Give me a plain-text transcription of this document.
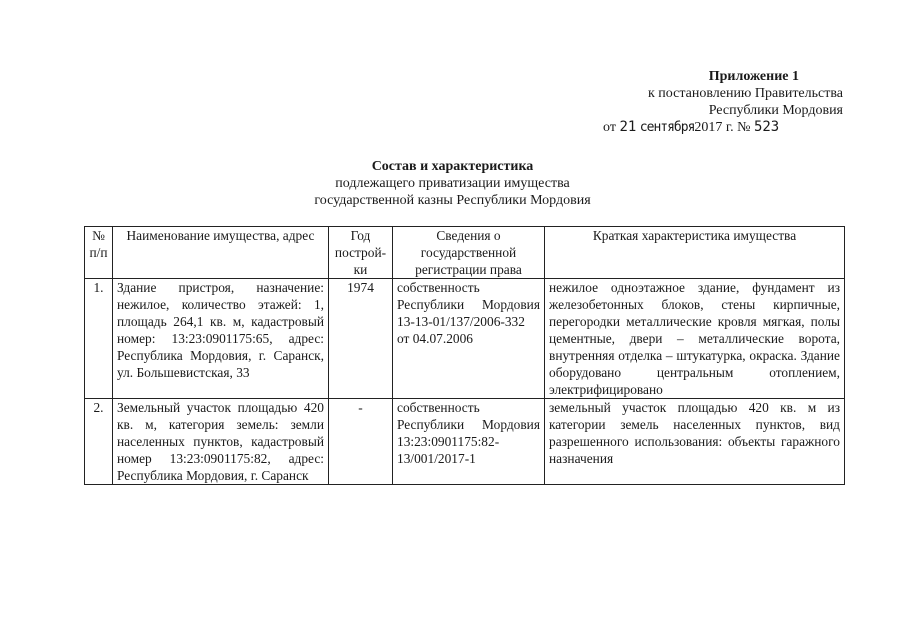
Приложение 1
к постановлению Правительства
Республики Мордовия
от 21 сентября2017 г. № 523
Состав и характеристика
подлежащего приватизации имущества
государственной казны Республики Мордовия
№ п/п	Наименование имущества, адрес	Год построй-ки	Сведения о государственной регистрации права	Краткая характеристика имущества
1.	Здание пристроя, назначение: нежилое, количество этажей: 1, площадь 264,1 кв. м, кадастровый номер: 13:23:0901175:65, адрес: Республика Мордовия, г. Саранск, ул. Большевистская, 33	1974	собственность Республики Мордовия 13-13-01/137/2006-332 от 04.07.2006	нежилое одноэтажное здание, фундамент из железобетонных блоков, стены кирпичные, перегородки металлические кровля мягкая, полы цементные, двери – металлические ворота, внутренняя отделка – штукатурка, окраска. Здание оборудовано центральным отоплением, электрифицировано
2.	Земельный участок площадью 420 кв. м, категория земель: земли населенных пунктов, кадастровый номер 13:23:0901175:82, адрес: Республика Мордовия, г. Саранск	-	собственность Республики Мордовия 13:23:0901175:82-13/001/2017-1	земельный участок площадью 420 кв. м из категории земель населенных пунктов, вид разрешенного использования: объекты гаражного назначения
